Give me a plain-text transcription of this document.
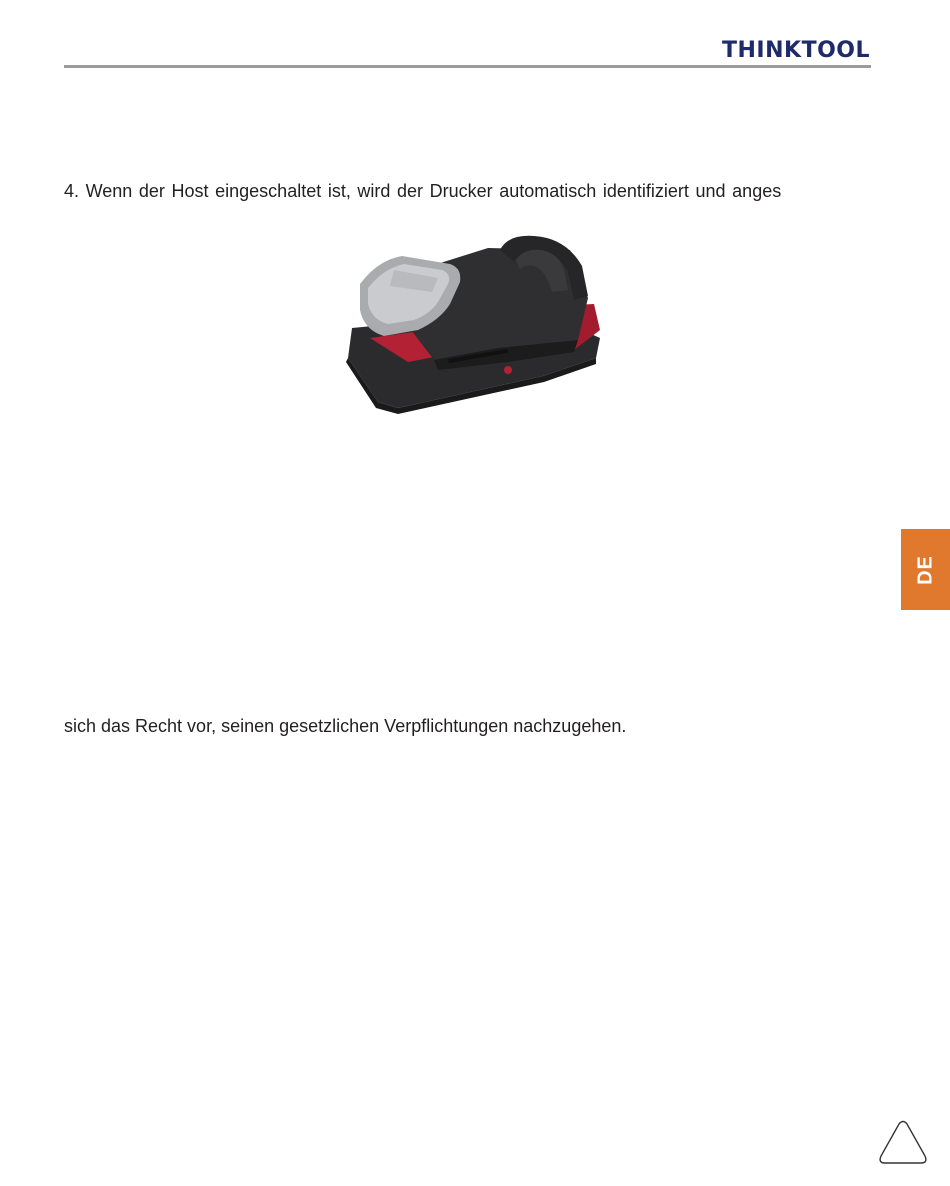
THINKTOOL
4. Wenn der Host eingeschaltet ist, wird der Drucker automatisch identifiziert und anges
sich das Recht vor, seinen gesetzlichen Verpflichtungen nachzugehen.
DE
